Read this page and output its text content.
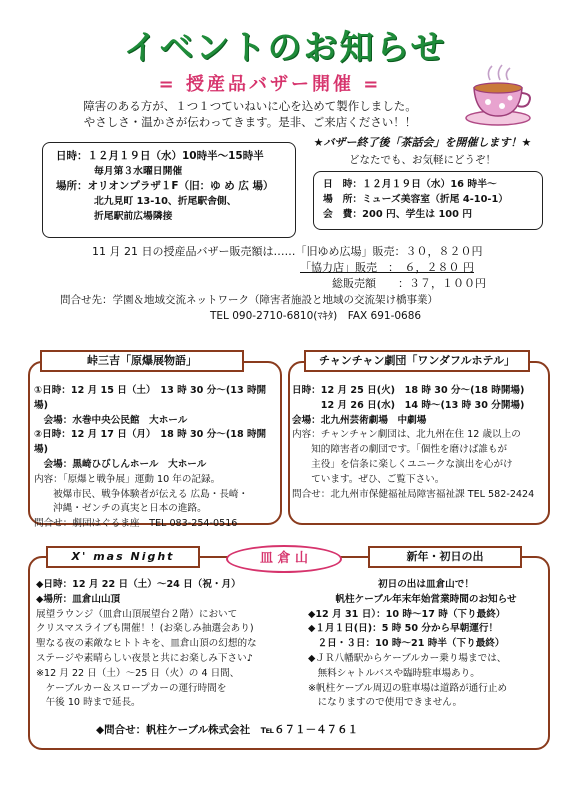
イベントのお知らせ
= 授産品バザー開催 =
障害のある方が、１つ１つていねいに心を込めて製作しました。
やさしさ・温かさが伝わってきます。是非、ご来店ください！！

日時：１２月１９日（水）10時半～15時半

毎月第３水曜日開催

場所：オリオンプラザ１F（旧：ゆ め 広 場）

北九見町 13-10、折尾駅舎側、

折尾駅前広場隣接

★バザー終了後「茶話会」を開催します！★
どなたでも、お気軽にどうぞ！

日　時：１２月１９日（水）16 時半～

場　所：ミューズ美容室（折尾 4-10-1）

会　費：200 円、学生は 100 円

11 月 21 日の授産品バザー販売額は‥‥‥「旧ゆめ広場」販売：３０，８２０円
「協力店」販売　：　６，２８０ 円
総販売額　　：３７，１００円
問合せ先：学園＆地域交流ネットワーク（障害者施設と地域の交流架け橋事業）
TEL 090-2710-6810(ﾏｷﾀ)　FAX 691-0686
峠三吉「原爆展物語」

①日時：12 月 15 日（土）　13 時 30 分～(13 時開場)

　会場：水巻中央公民館　大ホール

②日時：12 月 17 日（月）　18 時 30 分～(18 時開場)

　会場：黒崎ひびしんホール　大ホール

内容：「原爆と戦争展」運動 10 年の記録。

　　被爆市民、戦争体験者が伝える 広島・長崎・

　　沖縄・ゼンチの真実と日本の進路。

問合せ：劇団はぐるま座　TEL 083-254-0516

チャンチャン劇団「ワンダフルホテル」

日時：12 月 25 日(火)　18 時 30 分～(18 時開場)

　　　12 月 26 日(水)　14 時～(13 時 30 分開場)

会場：北九州芸術劇場　中劇場

内容：チャンチャン劇団は、北九州在住 12 歳以上の

　　知的障害者の劇団です。「個性を磨けば誰もが

　　主役」を信条に楽しくユニークな演出を心がけ

　　ています。ぜひ、ご覧下さい。

問合せ：北九州市保健福祉局障害福祉課 TEL 582-2424

X' mas Night	皿 倉 山	新年・初日の出

◆日時：12 月 22 日（土）～24 日（祝・月）

◆場所：皿倉山山頂

展望ラウンジ（皿倉山頂展望台２階）において

クリスマスライブも開催！！(お楽しみ抽選会あり)

聖なる夜の素敵なヒトトキを、皿倉山頂の幻想的な

ステージや素晴らしい夜景と共にお楽しみ下さい♪

※12 月 22 日（土）～25 日（火）の 4 日間、

　ケーブルカー＆スロープカーの運行時間を

　午後 10 時まで延長。

初日の出は皿倉山で！

帆柱ケーブル年末年始営業時間のお知らせ

◆12 月 31 日）：10 時～17 時（下り最終）

◆１月１日(日)：5 時 50 分から早朝運行！

　２日・３日：10 時～21 時半（下り最終）

◆ＪＲ八幡駅からケーブルカー乗り場までは、

　無料シャトルバスや臨時駐車場あり。

※帆柱ケーブル周辺の駐車場は道路が通行止め

　になりますので使用できません。

◆問合せ：帆柱ケーブル株式会社　℡６７１－４７６１
